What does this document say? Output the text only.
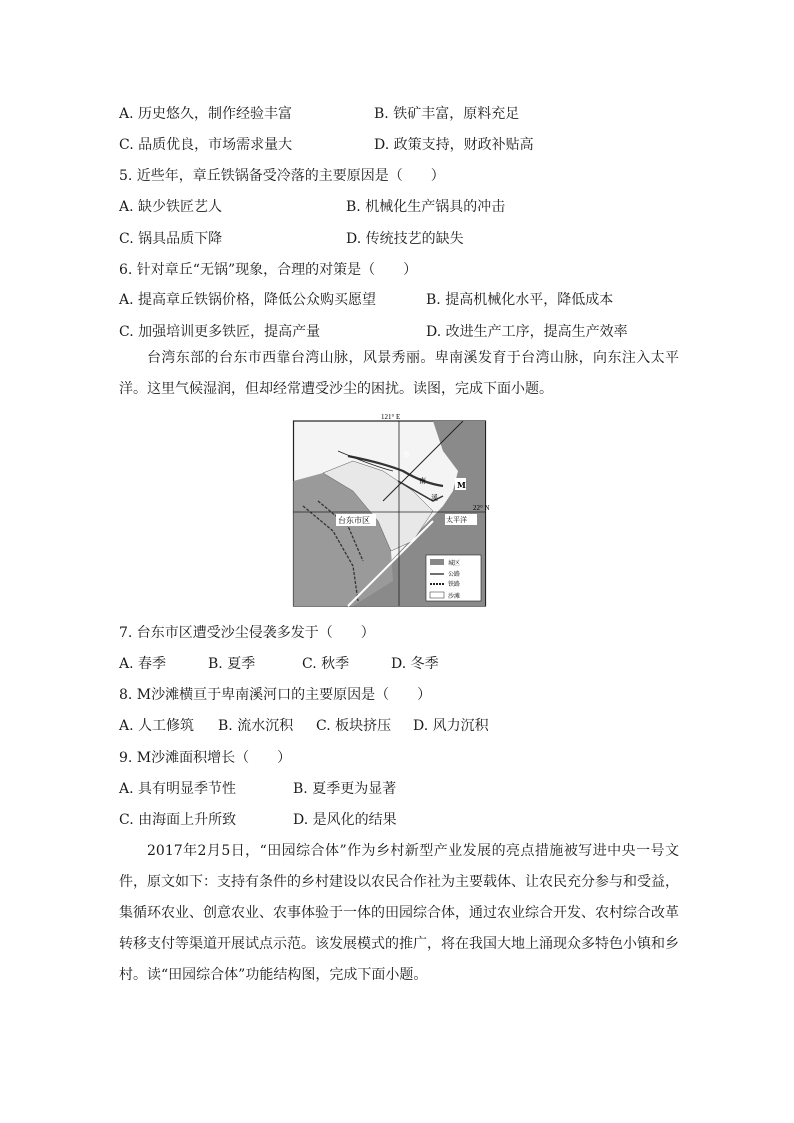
A. 历史悠久，制作经验丰富	B. 铁矿丰富，原料充足
C. 品质优良，市场需求量大	D. 政策支持，财政补贴高
5. 近些年，章丘铁锅备受冷落的主要原因是（　　）
A. 缺少铁匠艺人	B. 机械化生产锅具的冲击
C. 锅具品质下降	D. 传统技艺的缺失
6. 针对章丘“无锅”现象，合理的对策是（　　）
A. 提高章丘铁锅价格，降低公众购买愿望	B. 提高机械化水平，降低成本
C. 加强培训更多铁匠，提高产量	D. 改进生产工序，提高生产效率
台湾东部的台东市西靠台湾山脉，风景秀丽。卑南溪发育于台湾山脉，向东注入太平洋。这里气候湿润，但却经常遭受沙尘的困扰。读图，完成下面小题。
121° E
22° N
台东市区
卑
南
溪
M
太平洋
城区
公路
铁路
沙滩
7. 台东市区遭受沙尘侵袭多发于（　　）
A. 春季	B. 夏季	C. 秋季	D. 冬季
8. M沙滩横亘于卑南溪河口的主要原因是（　　）
A. 人工修筑 B. 流水沉积 C. 板块挤压 D. 风力沉积
9. M沙滩面积增长（　　）
A. 具有明显季节性	B. 夏季更为显著
C. 由海面上升所致	D. 是风化的结果
2017年2月5日，“田园综合体”作为乡村新型产业发展的亮点措施被写进中央一号文件，原文如下：支持有条件的乡村建设以农民合作社为主要载体、让农民充分参与和受益，集循环农业、创意农业、农事体验于一体的田园综合体，通过农业综合开发、农村综合改革转移支付等渠道开展试点示范。该发展模式的推广，将在我国大地上涌现众多特色小镇和乡村。读“田园综合体”功能结构图，完成下面小题。
